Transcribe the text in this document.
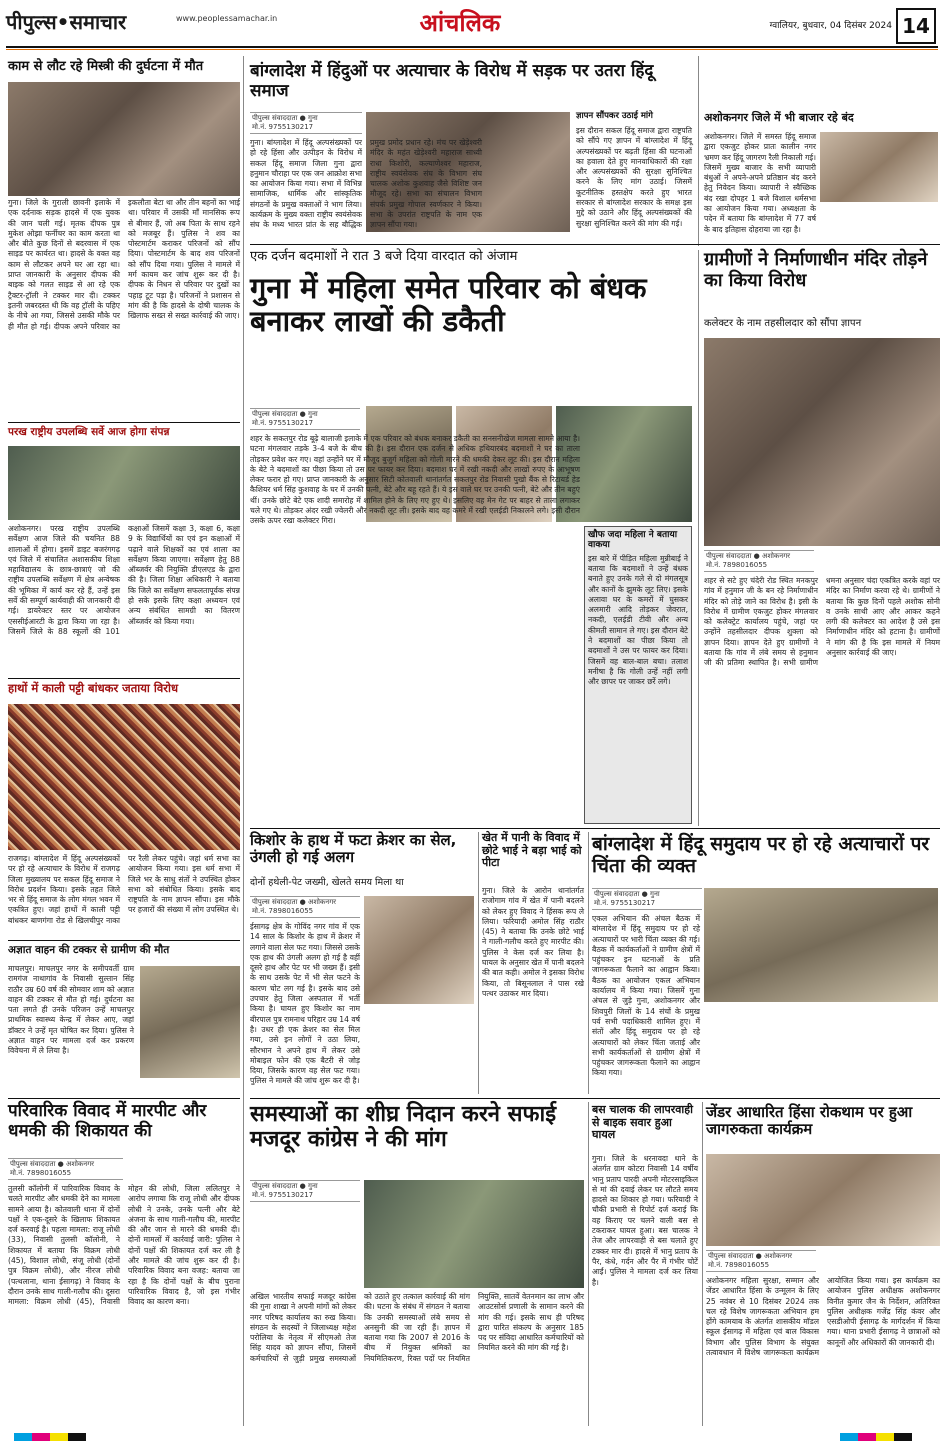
पीपुल्स•समाचार	www.peoplessamachar.in	आंचलिक	ग्वालियर, बुधवार, 04 दिसंबर 2024 14
काम से लौट रहे मिस्त्री की दुर्घटना में मौत
गुना। जिले के गुराली छावनी इलाके में एक दर्दनाक सड़क हादसे में एक युवक की जान चली गई। मृतक दीपक पुत्र मुकेश ओझा फर्नीचर का काम करता था और बीते कुछ दिनों से बदरवास में एक साइड पर कार्यरत था। हादसे के वक्त वह काम से लौटकर अपने घर आ रहा था। प्राप्त जानकारी के अनुसार दीपक की बाइक को गलत साइड से आ रहे एक ट्रैक्टर-ट्रॉली ने टक्कर मार दी। टक्कर इतनी जबरदस्त थी कि वह ट्रॉली के पहिए के नीचे आ गया, जिससे उसकी मौके पर ही मौत हो गई। दीपक अपने परिवार का इकलौता बेटा था और तीन बहनों का भाई था। परिवार में उसकी माँ मानसिक रूप से बीमार हैं, जो अब पिता के साथ रहने को मजबूर हैं। पुलिस ने शव का पोस्टमार्टम कराकर परिजनों को सौंप दिया। पोस्टमार्टम के बाद शव परिजनों को सौंप दिया गया। पुलिस ने मामले में मर्ग कायम कर जांच शुरू कर दी है। दीपक के निधन से परिवार पर दुखों का पहाड़ टूट पड़ा है। परिजनों ने प्रशासन से मांग की है कि हादसे के दोषी चालक के खिलाफ सख्त से सख्त कार्रवाई की जाए।
परख राष्ट्रीय उपलब्धि सर्वे आज होगा संपन्न
अशोकनगर। परख राष्ट्रीय उपलब्धि सर्वेक्षण आज जिले की चयनित 88 शालाओं में होगा। इसमें डाइट बजरंगगढ़ एवं जिले में संचालित अशासकीय शिक्षा महाविद्यालय के छात्र-छात्राएं जो की राष्ट्रीय उपलब्धि सर्वेक्षण में क्षेत्र अन्वेषक की भूमिका में कार्य कर रहे हैं, उन्हें इस सर्वे की सम्पूर्ण कार्यवाही की जानकारी दी गई। डायरेक्टर स्तर पर आयोजन एससीईआरटी के द्वारा किया जा रहा है। जिसमें जिले के 88 स्कूलों की 101 कक्षाओं जिसमें कक्षा 3, कक्षा 6, कक्षा 9 के विद्यार्थियों का एवं इन कक्षाओं में पढ़ाने वाले शिक्षकों का एवं शाला का सर्वेक्षण किया जाएगा। सर्वेक्षण हेतु 88 ऑब्जर्वर की नियुक्ति डीएलएड के द्वारा की है। जिला शिक्षा अधिकारी ने बताया कि जिले का सर्वेक्षण सफलतापूर्वक संपन्न हो सके इसके लिए कक्षा अध्ययन एवं अन्य संबंधित सामग्री का वितरण ऑब्जर्वर को किया गया।
हाथों में काली पट्टी बांधकर जताया विरोध
राजगढ़। बांग्लादेश में हिंदू अल्पसंख्यकों पर हो रहे अत्याचार के विरोध में राजगढ़ जिला मुख्यालय पर सकल हिंदू समाज ने विरोध प्रदर्शन किया। इसके तहत जिले भर से हिंदू समाज के लोग मंगल भवन में एकत्रित हुए। जहां हाथों में काली पट्टी बांधकर बाणगंगा रोड से खिलचीपुर नाका पर रैली लेकर पहुंचे। जहां धर्म सभा का आयोजन किया गया। इस धर्म सभा में जिले भर के साधु संतों ने उपस्थित होकर सभा को संबोधित किया। इसके बाद राष्ट्रपति के नाम ज्ञापन सौंपा। इस मौके पर हजारों की संख्या में लोग उपस्थित थे।
अज्ञात वाहन की टक्कर से ग्रामीण की मौत
माचलपुर। माचलपुर नगर के समीपवर्ती ग्राम रामगंज नाथागांव के निवासी सुल्तान सिंह राठौर उम्र 60 वर्ष की सोमवार शाम को अज्ञात वाहन की टक्कर से मौत हो गई। दुर्घटना का पता लगते ही उनके परिजन उन्हें माचलपुर प्राथमिक स्वास्थ्य केन्द्र में लेकर आए, जहां डॉक्टर ने उन्हें मृत घोषित कर दिया। पुलिस ने अज्ञात वाहन पर मामला दर्ज कर प्रकरण विवेचना में ले लिया है।
परिवारिक विवाद में मारपीट और धमकी की शिकायत की
पीपुल्स संवाददाता ● अशोकनगर
मो.नं. 7898016055
तुलसी कॉलोनी में पारिवारिक विवाद के चलते मारपीट और धमकी देने का मामला सामने आया है। कोतवाली थाना में दोनों पक्षों ने एक-दूसरे के खिलाफ शिकायत दर्ज करवाई है। पहला मामला: राजू लोधी (33), निवासी तुलसी कॉलोनी, ने शिकायत में बताया कि विक्रम लोधी (45), विशाल लोधी, संजू लोधी (दोनों पुत्र विक्रम लोधी), और नीरज लोधी (पत्थलाना, थाना ईसागढ़) ने विवाद के दौरान उनके साथ गाली-गलौच की। दूसरा मामला: विक्रम लोधी (45), निवासी मोहन की लोधी, जिला ललितपुर ने आरोप लगाया कि राजू लोधी और दीपक लोधी ने उनके, उनके पत्नी और बेटे अंजना के साथ गाली-गलौच की, मारपीट की और जान से मारने की धमकी दी। दोनों मामलों में कार्रवाई जारी: पुलिस ने दोनों पक्षों की शिकायत दर्ज कर ली है और मामले की जांच शुरू कर दी है। परिवारिक विवाद बना वजह: बताया जा रहा है कि दोनों पक्षों के बीच पुराना पारिवारिक विवाद है, जो इस गंभीर विवाद का कारण बना।
बांग्लादेश में हिंदुओं पर अत्याचार के विरोध में सड़क पर उतरा हिंदू समाज
पीपुल्स संवाददाता ● गुना
मो.नं. 9755130217
गुना। बांग्लादेश में हिंदू अल्पसंख्यकों पर हो रहे हिंसा और उत्पीड़न के विरोध में सकल हिंदू समाज जिला गुना द्वारा हनुमान चौराहा पर एक जन आक्रोश सभा का आयोजन किया गया। सभा में विभिन्न सामाजिक, धार्मिक और सांस्कृतिक संगठनों के प्रमुख वक्ताओं ने भाग लिया। कार्यक्रम के मुख्य वक्ता राष्ट्रीय स्वयंसेवक संघ के मध्य भारत प्रांत के सह बौद्धिक
ज्ञापन सौंपकर उठाई मांगे
इस दौरान सकल हिंदू समाज द्वारा राष्ट्रपति को सौंपे गए ज्ञापन में बांग्लादेश में हिंदू अल्पसंख्यकों पर बढ़ती हिंसा की घटनाओं का हवाला देते हुए मानवाधिकारों की रक्षा और अल्पसंख्यकों की सुरक्षा सुनिश्चित करने के लिए मांग उठाई। जिसमें कूटनीतिक हस्तक्षेप करते हुए भारत सरकार से बांग्लादेश सरकार के समक्ष इस मुद्दे को उठाने और हिंदू अल्पसंख्यकों की सुरक्षा सुनिश्चित करने की मांग की गई।
अशोकनगर जिले में भी बाजार रहे बंद
अशोकनगर। जिले में समस्त हिंदू समाज द्वारा एकजुट होकर प्रातः कालीन नगर भ्रमण कर हिंदू जागरण रैली निकाली गई। जिसमें मुख्य बाजार के सभी व्यापारी बंधुओं ने अपने-अपने प्रतिष्ठान बंद करने हेतु निवेदन किया। व्यापारी ने स्वैच्छिक बंद रखा दोपहर 1 बजे विशाल धर्मसभा का आयोजन किया गया। अध्यक्षता के पदेन में बताया कि बांग्लादेश में 77 वर्ष के बाद इतिहास दोहराया जा रहा है।
एक दर्जन बदमाशों ने रात 3 बजे दिया वारदात को अंजाम
गुना में महिला समेत परिवार को बंधक बनाकर लाखों की डकैती
पीपुल्स संवाददाता ● गुना
मो.नं. 9755130217
शहर के सकतपुर रोड बूढ़े बालाजी इलाके में एक परिवार को बंधक बनाकर डकैती का सनसनीखेज मामला सामने आया है। घटना मंगलवार तड़के 3-4 बजे के बीच की है। इस दौरान एक दर्जन से अधिक हथियारबंद बदमाशों ने घर का ताला तोड़कर प्रवेश कर गए। वहां उन्होंने घर में मौजूद बुजुर्ग महिला को गोली मारने की धमकी देकर लूट की। इस दौरान महिला के बेटे ने बदमाशों का पीछा किया तो उस पर फायर कर दिया। बदमाश घर में रखी नकदी और लाखों रुपए के आभूषण लेकर फरार हो गए। प्राप्त जानकारी के अनुसार सिटी कोतवाली थानांतर्गत सकतपुर रोड निवासी पुखो बैंक से रिटायर्ड हेड कैशियर धर्म सिंह कुशवाह के घर में उनकी पत्नी, बेटे और बहू रहते हैं। ये इस वाले घर पर उनकी पत्नी, बेटे और तीन बहुएं थीं। उनके छोटे बेटे एक शादी समारोह में शामिल होने के लिए गए हुए थे। इसलिए वह मेन गेट पर बाहर से ताला लगाकर चले गए थे। तोड़कर अंदर रखी ज्वेलरी और नकदी लूट ली। इसके बाद वह कमरे में रखी एलईडी निकालने लगे। इसी दौरान उसके ऊपर रखा कलेक्टर गिरा।
खौफ जदा महिला ने बताया वाकया
इस बारे में पीड़ित महिला मुन्नीबाई ने बताया कि बदमाशों ने उन्हें बंधक बनाते हुए उनके गले से दो मंगलसूत्र और कानों के झुमके लूट लिए। इसके अलावा घर के कमरों में घुसकर अलमारी आदि तोड़कर जेवरात, नकदी, एलईडी टीवी और अन्य कीमती सामान ले गए। इस दौरान बेटे ने बदमाशों का पीछा किया तो बदमाशों ने उस पर फायर कर दिया। जिसमें वह बाल-बाल बचा। तलाश मनीषा है कि गोली उन्हें नहीं लगी और छापर पर जाकर छर्रे लगे।
ग्रामीणों ने निर्माणाधीन मंदिर तोड़ने का किया विरोध
कलेक्टर के नाम तहसीलदार को सौंपा ज्ञापन
पीपुल्स संवाददाता ● अशोकनगर
मो.नं. 7898016055
शहर से सटे हुए चंदेरी रोड स्थित मनकपुर गांव में हनुमान जी के बन रहे निर्माणाधीन मंदिर को तोड़े जाने का विरोध है। इसी के विरोध में ग्रामीण एकजुट होकर मंगलवार को कलेक्ट्रेट कार्यालय पहुंचे, जहां पर उन्होंने तहसीलदार दीपक शुक्ला को ज्ञापन दिया। ज्ञापन देते हुए ग्रामीणों ने बताया कि गांव में लंबे समय से हनुमान जी की प्रतिमा स्थापित है। सभी ग्रामीण धमना अनुसार चंदा एकत्रित करके वहां पर मंदिर का निर्माण करवा रहे थे। ग्रामीणों ने बताया कि कुछ दिनों पहले अशोक सोनी व उनके साथी आए और आकर कहने लगी की कलेक्टर का आदेश है उसे इस निर्माणाधीन मंदिर को हटाना है। ग्रामीणों ने मांग की है कि इस मामले में नियम अनुसार कार्रवाई की जाए।
किशोर के हाथ में फटा क्रेशर का सेल, उंगली हो गई अलग
दोनों हथेली-पेट जख्मी, खेलते समय मिला था
पीपुल्स संवाददाता ● अशोकनगर
मो.नं. 7898016055
ईसागढ़ क्षेत्र के गोविंद नगर गांव में एक 14 साल के किशोर के हाथ में क्रेशर में लगाने वाला सेल फट गया। जिससे उसके एक हाथ की उंगली अलग हो गई है वहीं दूसरे हाथ और पेट पर भी जख्म हैं। इसी के साथ उसके पेट में भी सेल फटने के कारण चोट लग गई है। इसके बाद उसे उपचार हेतु जिला अस्पताल में भर्ती किया है। घायल हुए किशोर का नाम बीरपाल पुत्र रामनाथ परिहार उम्र 14 वर्ष है। उधर ही एक क्रेशर का सेल मिल गया, उसे इन लोगों ने उठा लिया, सौरभान ने अपने हाथ में लेकर उसे मोबाइल फोन की एक बैटरी से जोड़ दिया, जिसके कारण वह सेल फट गया। पुलिस ने मामले की जांच शुरू कर दी है।
खेत में पानी के विवाद में छोटे भाई ने बड़ा भाई को पीटा
गुना। जिले के आरोन थानांतर्गत राजोगाम गांव में खेत में पानी बदलने को लेकर हुए विवाद ने हिंसक रूप ले लिया। फरियादी अमोल सिंह राठौर (45) ने बताया कि उनके छोटे भाई ने गाली-गलौच करते हुए मारपीट की। पुलिस ने केस दर्ज कर लिया है। घायल के अनुसार खेत में पानी बदलने की बात कही। अमोल ने इसका विरोध किया, तो बिसूनलाल ने पास रखे पत्थर उठाकर मार दिया।
बांग्लादेश में हिंदू समुदाय पर हो रहे अत्याचारों पर चिंता की व्यक्त
पीपुल्स संवाददाता ● गुना
मो.नं. 9755130217
एकल अभियान की अंचल बैठक में बांग्लादेश में हिंदू समुदाय पर हो रहे अत्याचारों पर भारी चिंता व्यक्त की गई। बैठक में कार्यकर्ताओं ने ग्रामीण क्षेत्रों में पहुंचकर इन घटनाओं के प्रति जागरूकता फैलाने का आह्वान किया। बैठक का आयोजन एकल अभियान कार्यालय में किया गया। जिसमें गुना अंचल से जुड़े गुना, अशोकनगर और शिवपुरी जिलों के 14 संचों के प्रमुख पर्व सभी पदाधिकारी शामिल हुए। में संतों और हिंदू समुदाय पर हो रहे अत्याचारों को लेकर चिंता जताई और सभी कार्यकर्ताओं से ग्रामीण क्षेत्रों में पहुंचकर जागरूकता फैलाने का आह्वान किया गया।
समस्याओं का शीघ्र निदान करने सफाई मजदूर कांग्रेस ने की मांग
पीपुल्स संवाददाता ● गुना
मो.नं. 9755130217
अखिल भारतीय सफाई मजदूर कांग्रेस की गुना शाखा ने अपनी मांगों को लेकर नगर परिषद कार्यालय का रुख किया। संगठन के सदस्यों ने जिलाध्यक्ष महेश परोलिया के नेतृत्व में सीएमओ तेज सिंह यादव को ज्ञापन सौंपा, जिसमें कर्मचारियों से जुड़ी प्रमुख समस्याओं को उठाते हुए तत्काल कार्रवाई की मांग की। घटना के संबंध में संगठन ने बताया कि उनकी समस्याओं लंबे समय से अनसुनी की जा रही हैं। ज्ञापन में बताया गया कि 2007 से 2016 के बीच में नियुक्त श्रमिकों का नियमितिकरण, रिक्त पदों पर नियमित नियुक्ति, सातवें वेतनमान का लाभ और आउटसोर्स प्रणाली के सामान करने की मांग की गई। इसके साथ ही परिषद द्वारा पारित संकल्प के अनुसार 185 पद पर संविदा आधारित कर्मचारियों को नियमित करने की मांग की गई है।
बस चालक की लापरवाही से बाइक सवार हुआ घायल
गुना। जिले के धरनावदा थाने के अंतर्गत ग्राम कोटरा निवासी 14 वर्षीय भानु प्रताप पारदी अपनी मोटरसाइकिल से मां की दवाई लेकर घर लौटते समय हादसे का शिकार हो गया। फरियादी ने चौकी प्रभारी से रिपोर्ट दर्ज कराई कि वह किराए पर चलने वाली बस से टकराकर घायल हुआ। बस चालक ने तेज और लापरवाही से बस चलाते हुए टक्कर मार दी। हादसे में भानु प्रताप के पैर, कंधे, गर्दन और पैर में गंभीर चोटें आईं। पुलिस ने मामला दर्ज कर लिया है।
जेंडर आधारित हिंसा रोकथाम पर हुआ जागरुकता कार्यक्रम
पीपुल्स संवाददाता ● अशोकनगर
मो.नं. 7898016055
अशोकनगर महिला सुरक्षा, सम्मान और जेंडर आधारित हिंसा के उन्मूलन के लिए 25 नवंबर से 10 दिसंबर 2024 तक चल रहे विशेष जागरूकता अभियान हम होंगे कामयाब के अंतर्गत शासकीय मॉडल स्कूल ईसागढ़ में महिला एवं बाल विकास विभाग और पुलिस विभाग के संयुक्त तत्वावधान में विशेष जागरूकता कार्यक्रम आयोजित किया गया। इस कार्यक्रम का आयोजन पुलिस अधीक्षक अशोकनगर विनीत कुमार जैन के निर्देशन, अतिरिक्त पुलिस अधीक्षक गजेंद्र सिंह कंवर और एसडीओपी ईसागढ़ के मार्गदर्शन में किया गया। थाना प्रभारी ईसागढ़ ने छात्राओं को कानूनों और अधिकारों की जानकारी दी।
